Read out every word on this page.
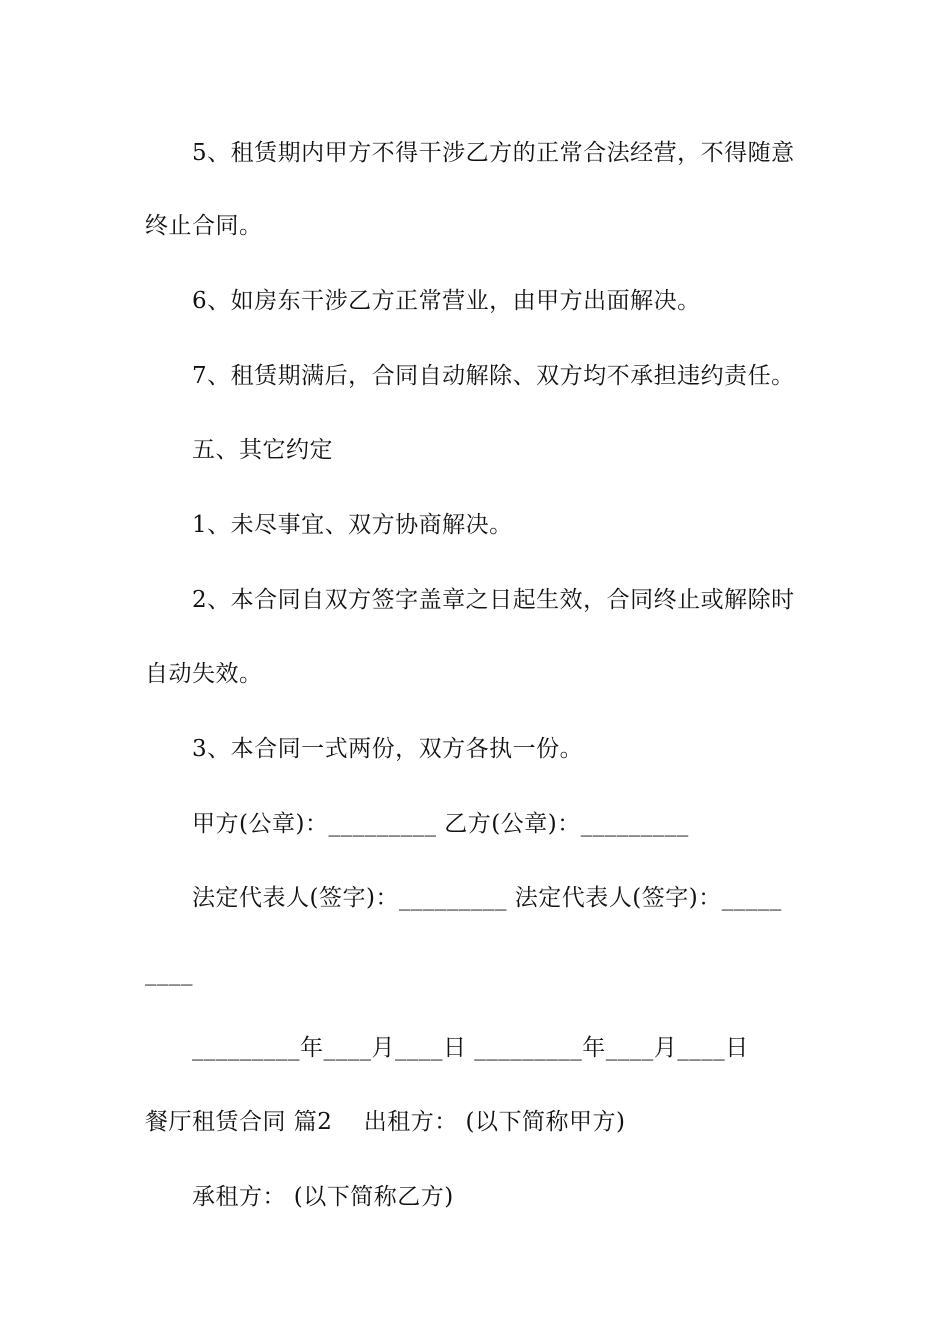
5、租赁期内甲方不得干涉乙方的正常合法经营，不得随意
终止合同。
6、如房东干涉乙方正常营业，由甲方出面解决。
7、租赁期满后，合同自动解除、双方均不承担违约责任。
五、其它约定
1、未尽事宜、双方协商解决。
2、本合同自双方签字盖章之日起生效，合同终止或解除时
自动失效。
3、本合同一式两份，双方各执一份。
甲方(公章)：_________ 乙方(公章)：_________
法定代表人(签字)：_________ 法定代表人(签字)：_____
____
_________年____月____日 _________年____月____日
餐厅租赁合同 篇2    出租方： (以下简称甲方)
承租方： (以下简称乙方)
